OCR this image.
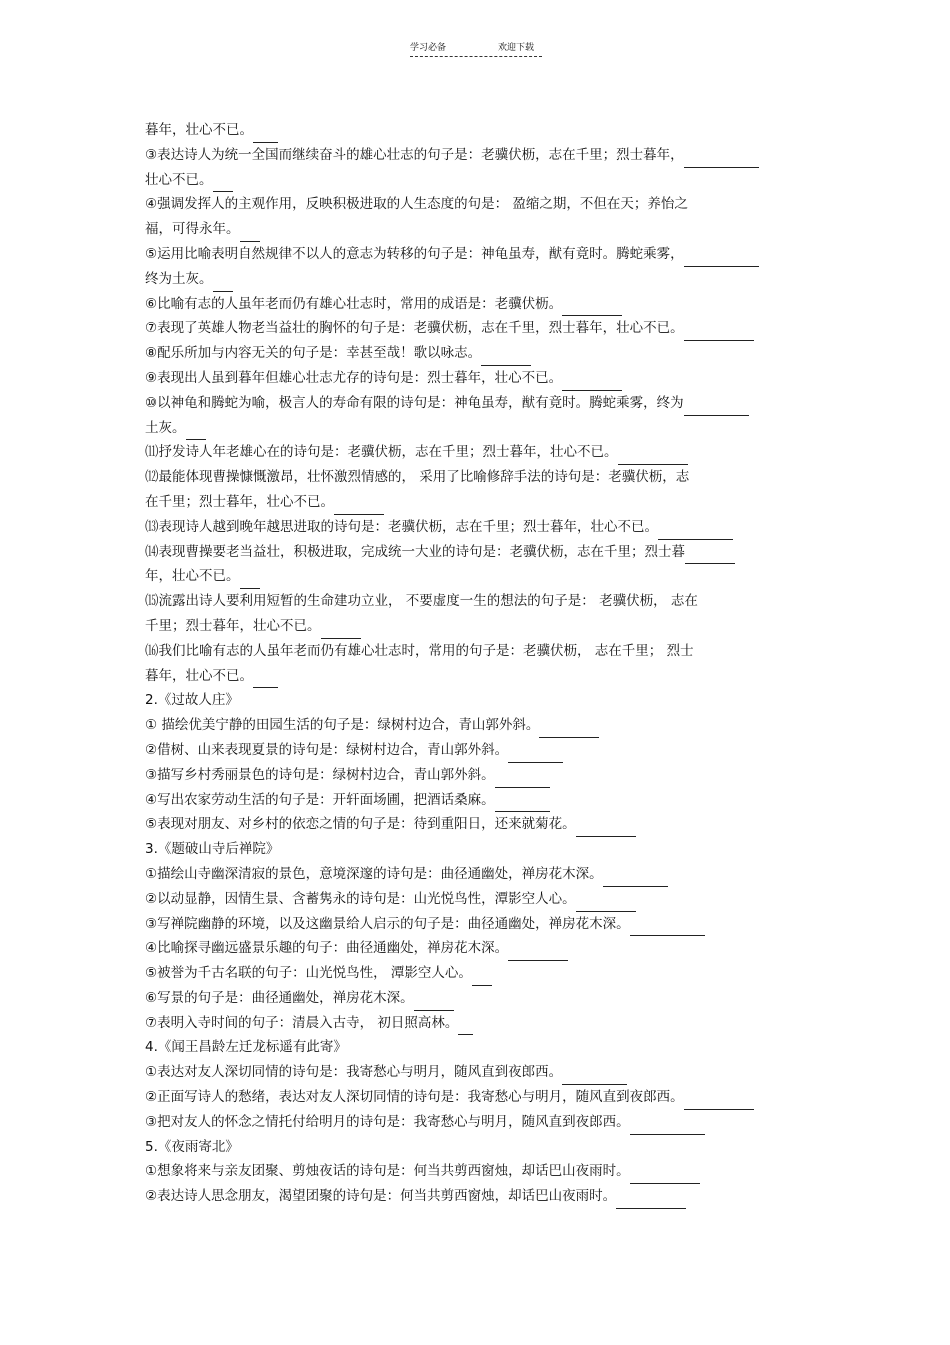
学习必备	欢迎下载
暮年，壮心不已。
③表达诗人为统一全国而继续奋斗的雄心壮志的句子是：老骥伏枥，志在千里；烈士暮年，
壮心不已。
④强调发挥人的主观作用，反映积极进取的人生态度的句是： 盈缩之期，不但在天；养怡之
福，可得永年。
⑤运用比喻表明自然规律不以人的意志为转移的句子是：神龟虽寿，猷有竟时。腾蛇乘雾，
终为土灰。
⑥比喻有志的人虽年老而仍有雄心壮志时，常用的成语是：老骥伏枥。
⑦表现了英雄人物老当益壮的胸怀的句子是：老骥伏枥，志在千里，烈士暮年，壮心不已。
⑧配乐所加与内容无关的句子是：幸甚至哉！歌以咏志。
⑨表现出人虽到暮年但雄心壮志尤存的诗句是：烈士暮年，壮心不已。
⑩以神龟和腾蛇为喻，极言人的寿命有限的诗句是：神龟虽寿，猷有竟时。腾蛇乘雾，终为
土灰。
⑾抒发诗人年老雄心在的诗句是：老骥伏枥，志在千里；烈士暮年，壮心不已。
⑿最能体现曹操慷慨激昂，壮怀激烈情感的， 采用了比喻修辞手法的诗句是：老骥伏枥，志
在千里；烈士暮年，壮心不已。
⒀表现诗人越到晚年越思进取的诗句是：老骥伏枥，志在千里；烈士暮年，壮心不已。
⒁表现曹操要老当益壮，积极进取，完成统一大业的诗句是：老骥伏枥，志在千里；烈士暮
年，壮心不已。
⒂流露出诗人要利用短暂的生命建功立业， 不要虚度一生的想法的句子是： 老骥伏枥， 志在
千里；烈士暮年，壮心不已。
⒃我们比喻有志的人虽年老而仍有雄心壮志时，常用的句子是：老骥伏枥， 志在千里； 烈士
暮年，壮心不已。
2.《过故人庄》
① 描绘优美宁静的田园生活的句子是：绿树村边合，青山郭外斜。
②借树、山来表现夏景的诗句是：绿树村边合，青山郭外斜。
③描写乡村秀丽景色的诗句是：绿树村边合，青山郭外斜。
④写出农家劳动生活的句子是：开轩面场圃，把酒话桑麻。
⑤表现对朋友、对乡村的依恋之情的句子是：待到重阳日，还来就菊花。
3.《题破山寺后禅院》
①描绘山寺幽深清寂的景色，意境深邃的诗句是：曲径通幽处，禅房花木深。
②以动显静，因情生景、含蓄隽永的诗句是：山光悦鸟性，潭影空人心。
③写禅院幽静的环境，以及这幽景给人启示的句子是：曲径通幽处，禅房花木深。
④比喻探寻幽远盛景乐趣的句子：曲径通幽处，禅房花木深。
⑤被誉为千古名联的句子：山光悦鸟性， 潭影空人心。
⑥写景的句子是：曲径通幽处，禅房花木深。
⑦表明入寺时间的句子：清晨入古寺， 初日照高林。
4.《闻王昌龄左迁龙标遥有此寄》
①表达对友人深切同情的诗句是：我寄愁心与明月，随风直到夜郎西。
②正面写诗人的愁绪，表达对友人深切同情的诗句是：我寄愁心与明月，随风直到夜郎西。
③把对友人的怀念之情托付给明月的诗句是：我寄愁心与明月，随风直到夜郎西。
5.《夜雨寄北》
①想象将来与亲友团聚、剪烛夜话的诗句是：何当共剪西窗烛，却话巴山夜雨时。
②表达诗人思念朋友，渴望团聚的诗句是：何当共剪西窗烛，却话巴山夜雨时。
